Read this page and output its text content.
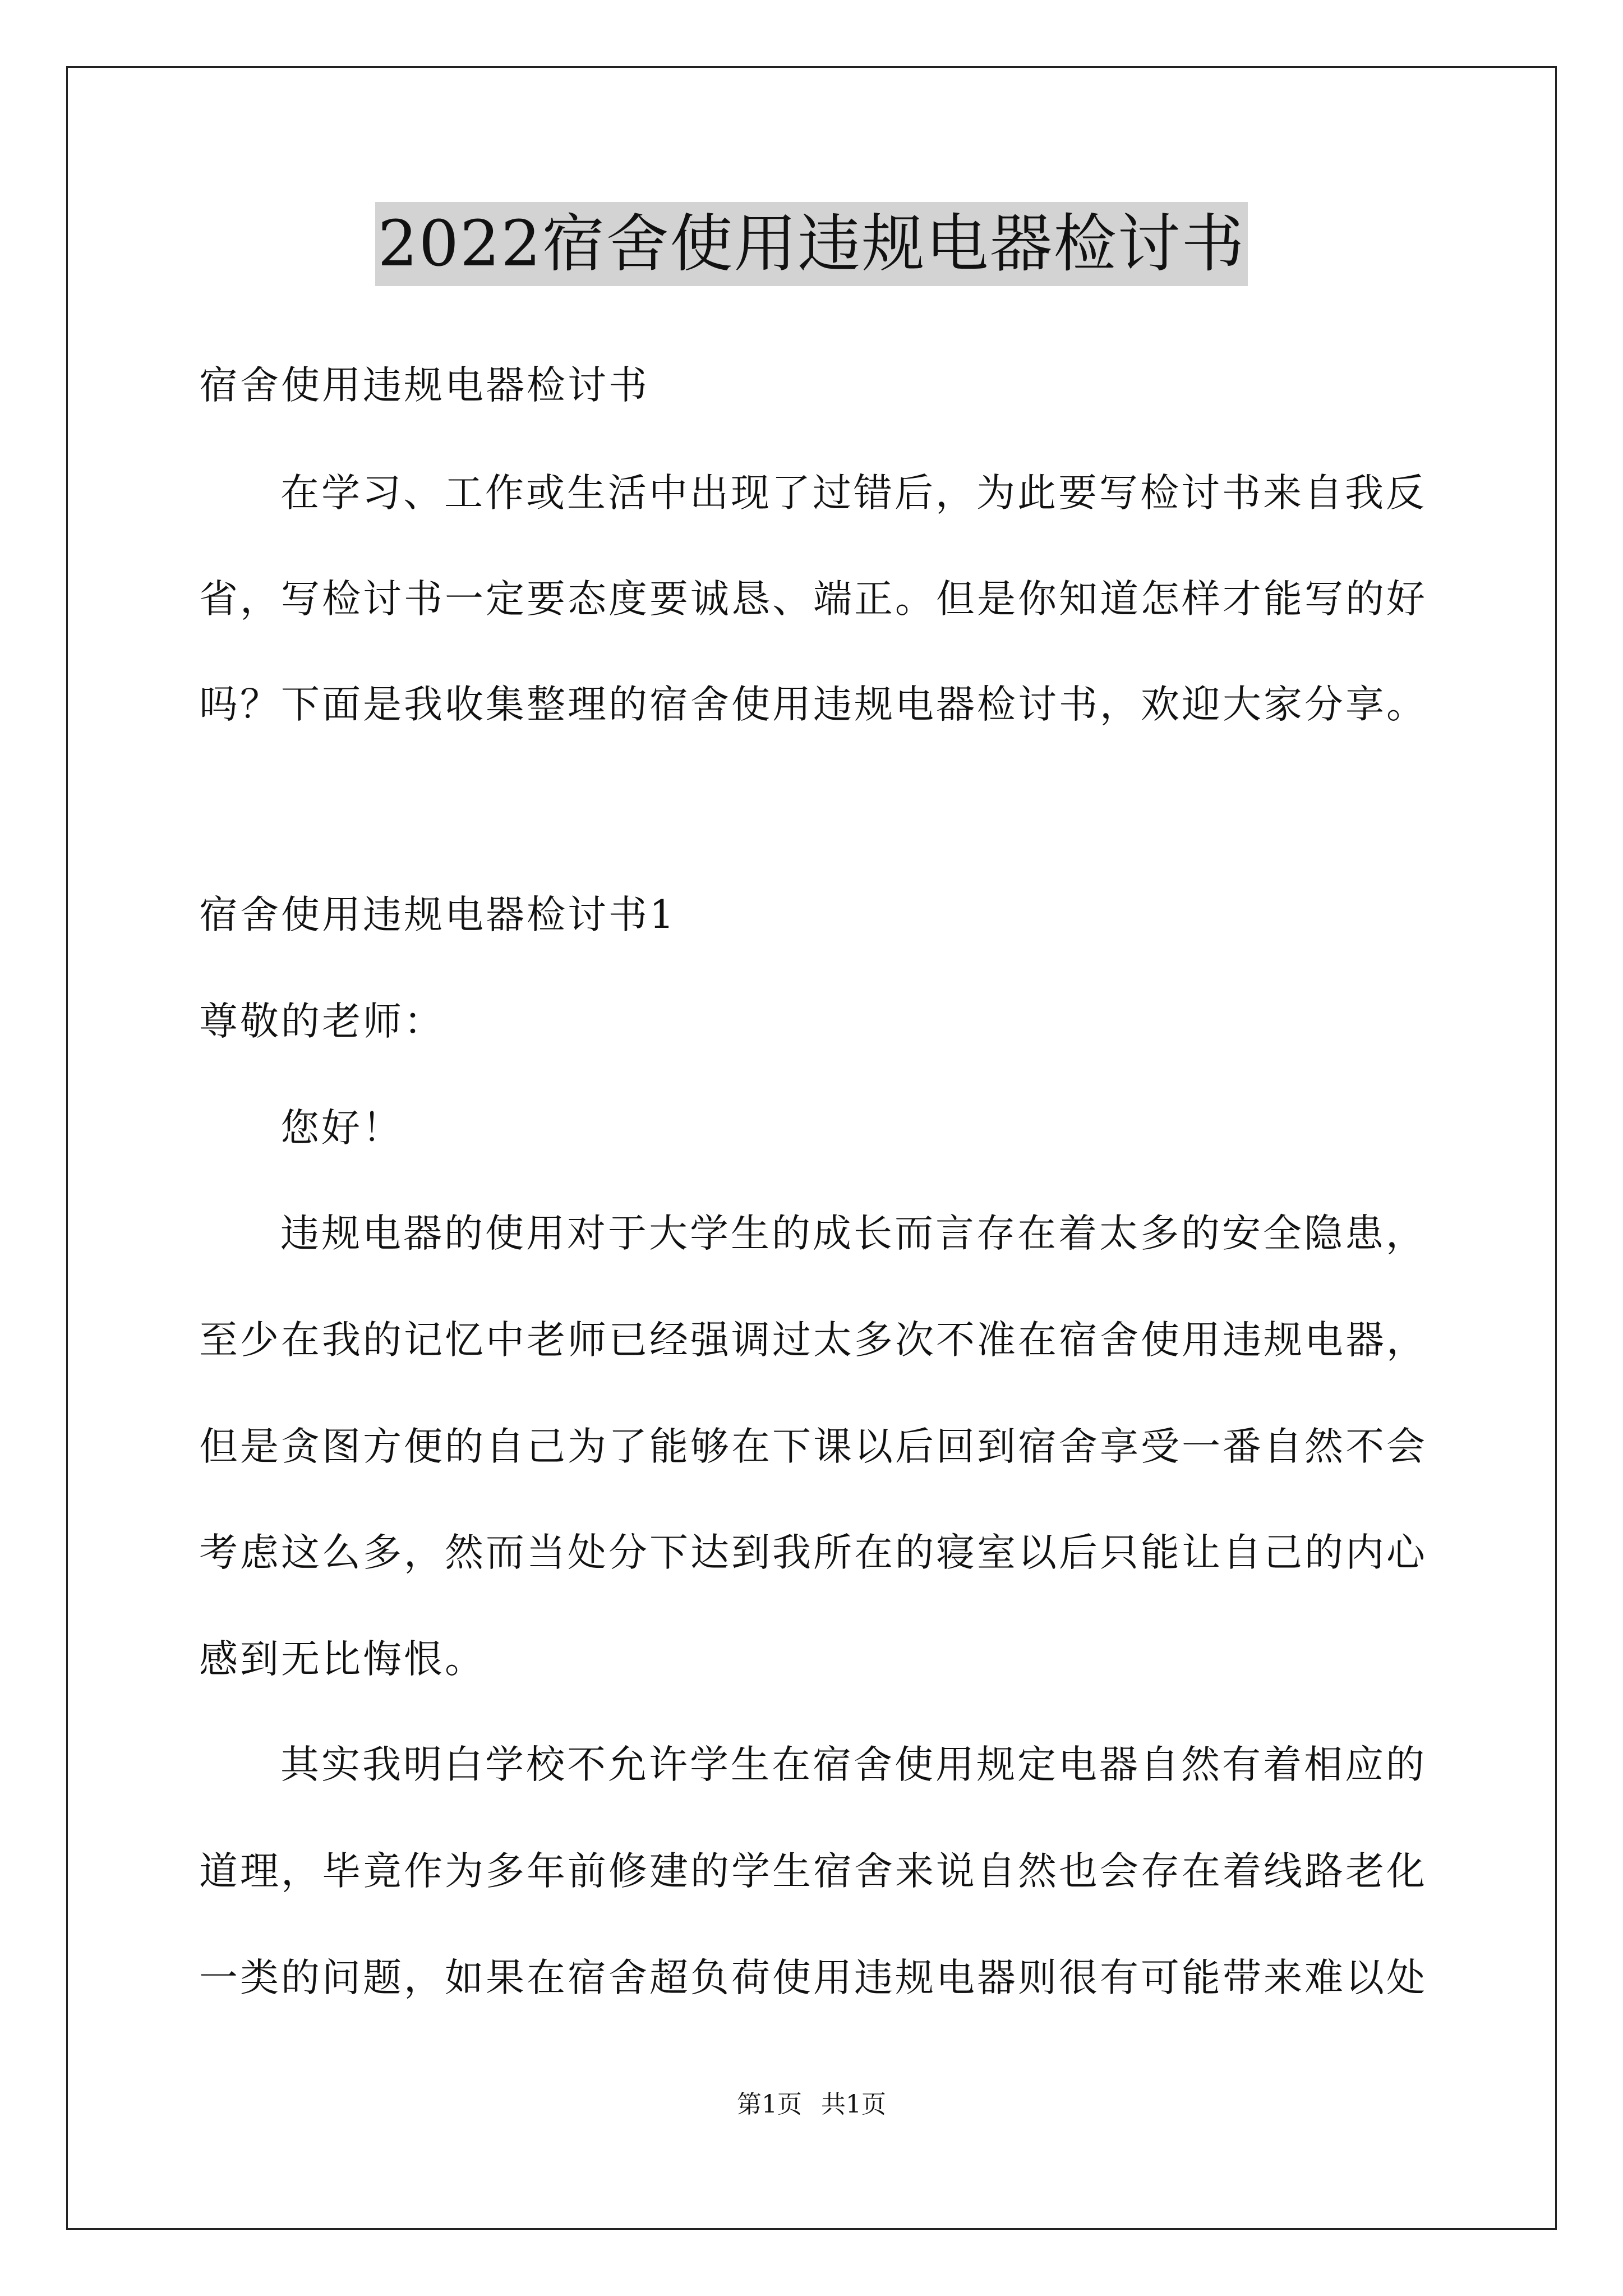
2022宿舍使用违规电器检讨书

宿舍使用违规电器检讨书

在学习、工作或生活中出现了过错后，为此要写检讨书来自我反

省，写检讨书一定要态度要诚恳、端正。但是你知道怎样才能写的好

吗？下面是我收集整理的宿舍使用违规电器检讨书，欢迎大家分享。

宿舍使用违规电器检讨书1

尊敬的老师：

您好！

违规电器的使用对于大学生的成长而言存在着太多的安全隐患，

至少在我的记忆中老师已经强调过太多次不准在宿舍使用违规电器，

但是贪图方便的自己为了能够在下课以后回到宿舍享受一番自然不会

考虑这么多，然而当处分下达到我所在的寝室以后只能让自己的内心

感到无比悔恨。

其实我明白学校不允许学生在宿舍使用规定电器自然有着相应的

道理，毕竟作为多年前修建的学生宿舍来说自然也会存在着线路老化

一类的问题，如果在宿舍超负荷使用违规电器则很有可能带来难以处

第1页 共1页
